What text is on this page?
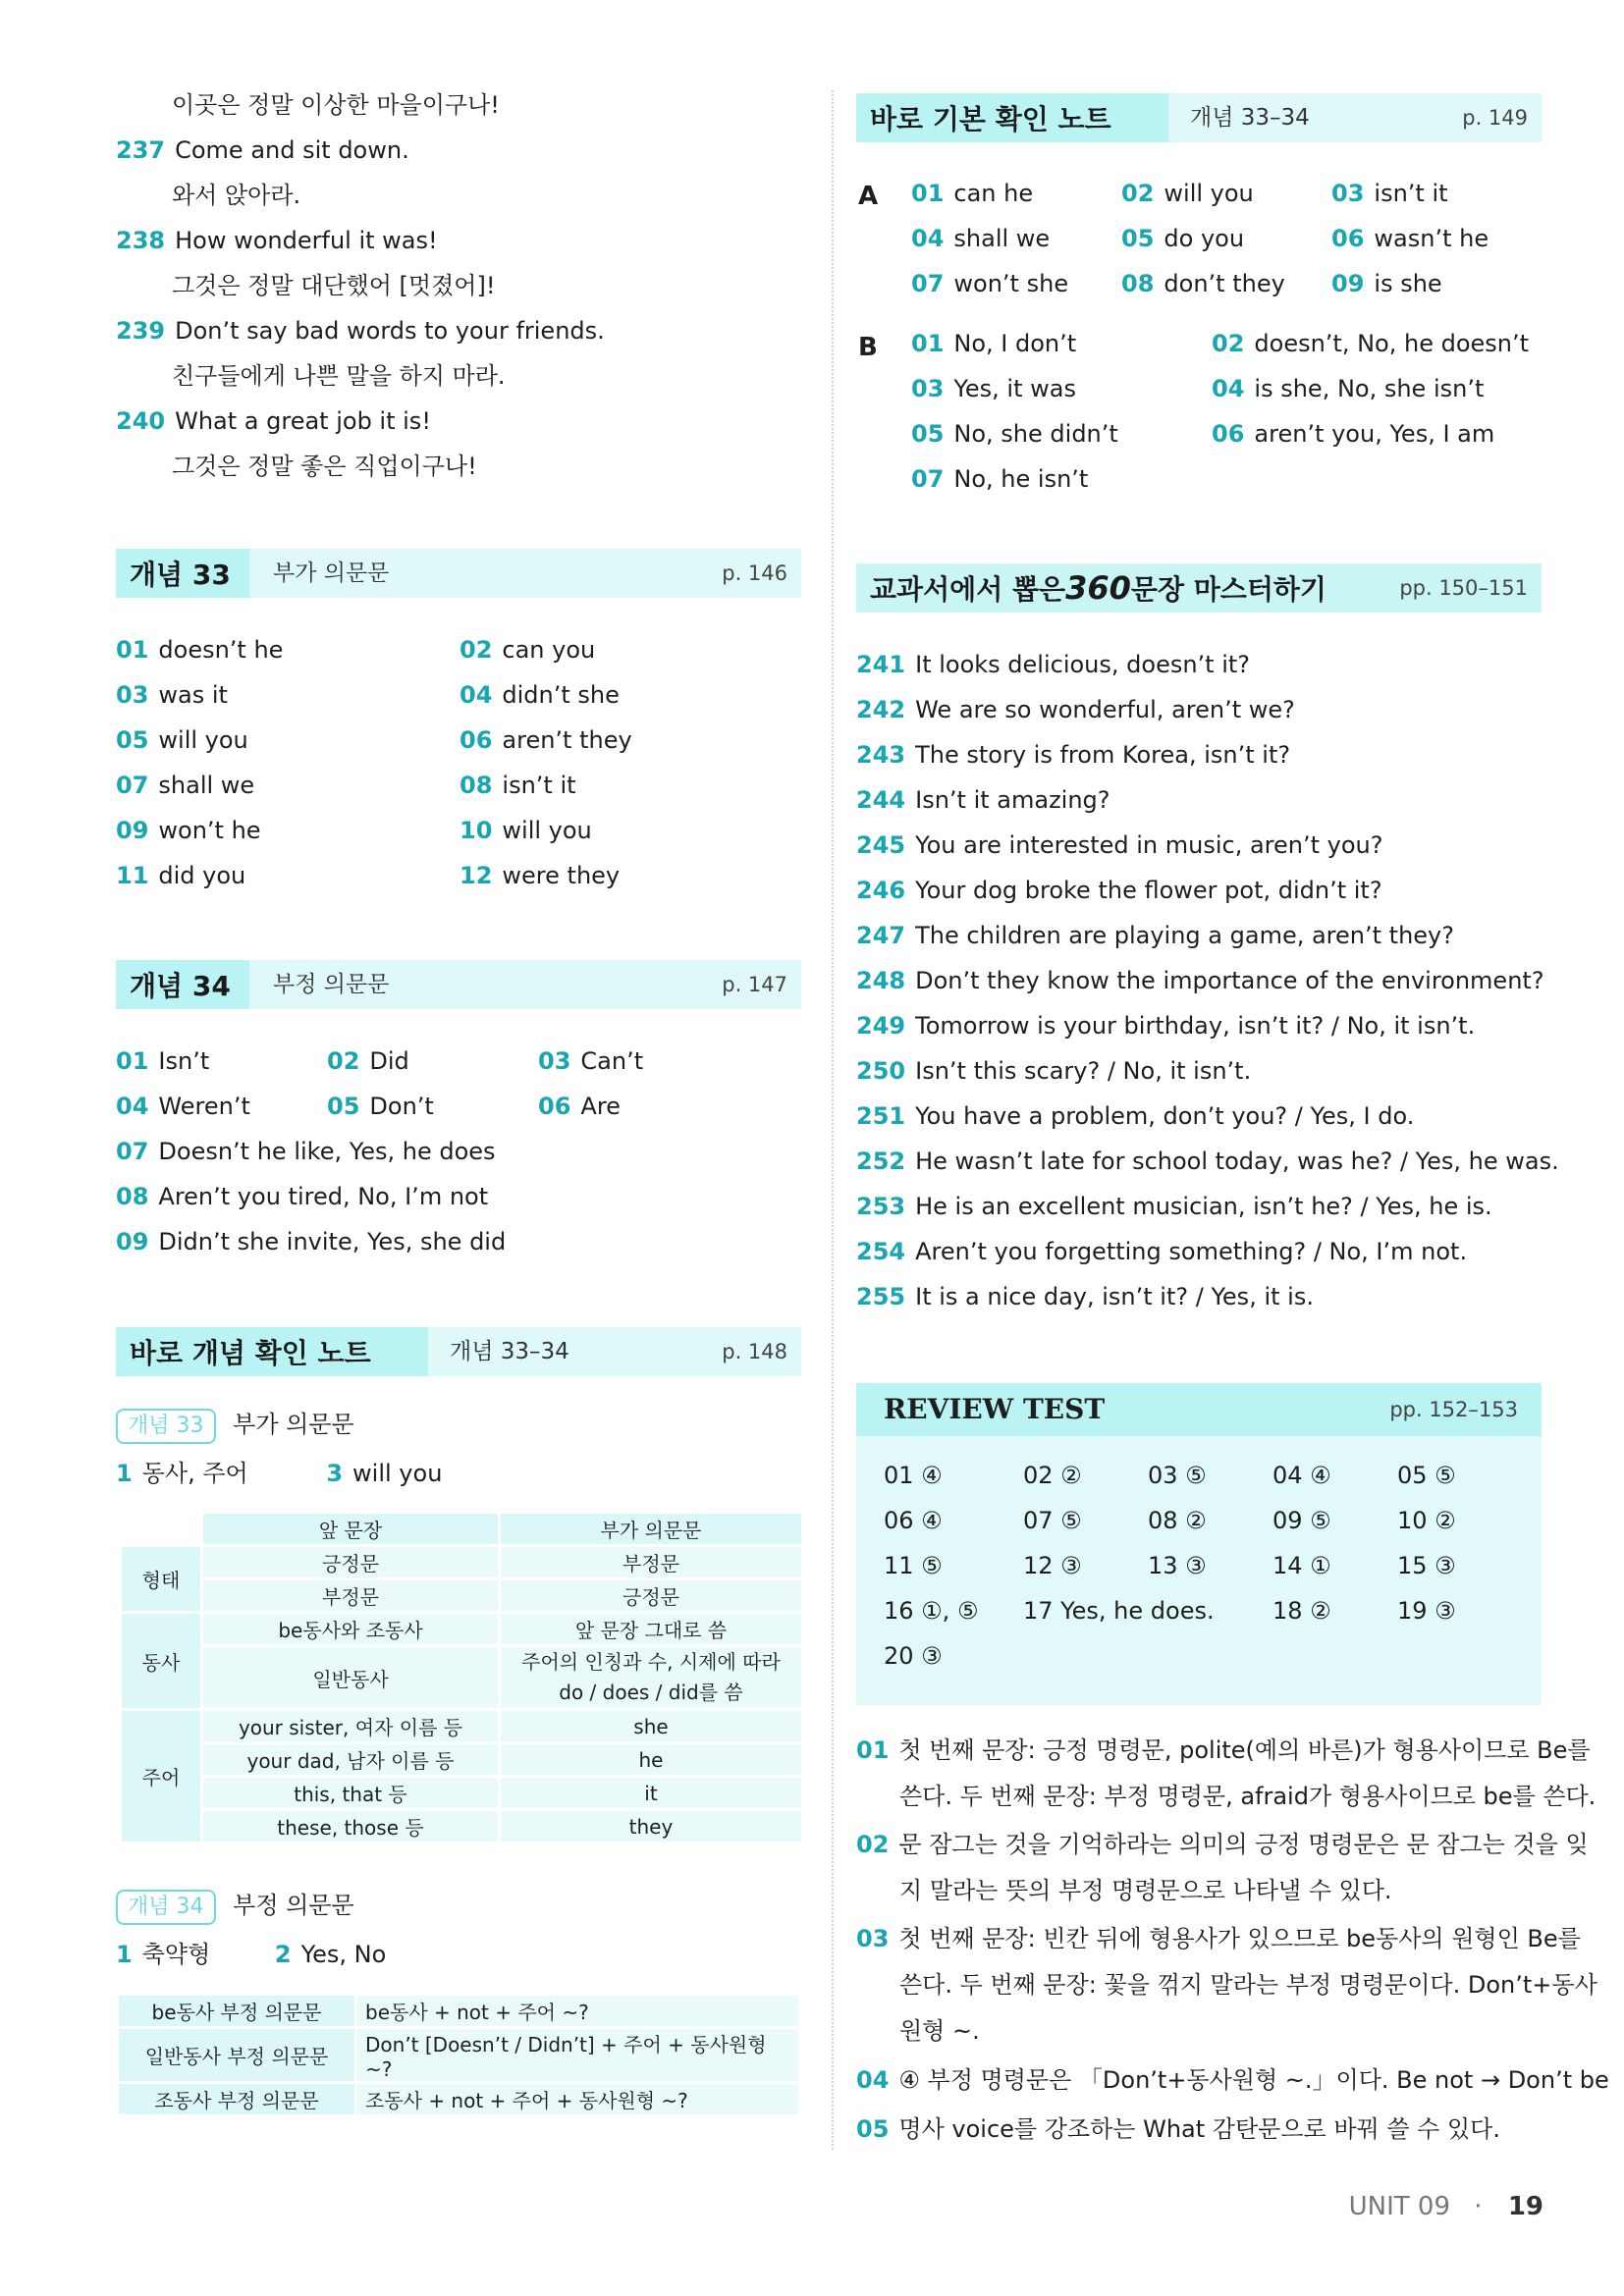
이곳은 정말 이상한 마을이구나!
237 Come and sit down.
와서 앉아라.
238 How wonderful it was!
그것은 정말 대단했어 [멋졌어]!
239 Don’t say bad words to your friends.
친구들에게 나쁜 말을 하지 마라.
240 What a great job it is!
그것은 정말 좋은 직업이구나!
개념 33	부가 의문문	p. 146
01 doesn’t he	02 can you
03 was it	04 didn’t she
05 will you	06 aren’t they
07 shall we	08 isn’t it
09 won’t he	10 will you
11 did you	12 were they
개념 34	부정 의문문	p. 147
01 Isn’t	02 Did	03 Can’t
04 Weren’t	05 Don’t	06 Are
07 Doesn’t he like, Yes, he does
08 Aren’t you tired, No, I’m not
09 Didn’t she invite, Yes, she did
바로 개념 확인 노트	개념 33–34	p. 148
개념 33 부가 의문문
1 동사, 주어	3 will you
	앞 문장	부가 의문문
형태	긍정문	부정문
	부정문	긍정문
동사	be동사와 조동사	앞 문장 그대로 씀
	일반동사	주어의 인칭과 수, 시제에 따라
do / does / did를 씀

주어	your sister, 여자 이름 등	she
	your dad, 남자 이름 등	he
	this, that 등	it
	these, those 등	they
개념 34 부정 의문문
1 축약형	2 Yes, No
be동사 부정 의문문	be동사 + not + 주어 ~?
일반동사 부정 의문문	Don’t [Doesn’t / Didn’t] + 주어 + 동사원형 ~?
조동사 부정 의문문	조동사 + not + 주어 + 동사원형 ~?
바로 기본 확인 노트	개념 33–34	p. 149
A 01 can he	02 will you	03 isn’t it
04 shall we	05 do you	06 wasn’t he
07 won’t she 08 don’t they 09 is she
B 01 No, I don’t	02 doesn’t, No, he doesn’t
03 Yes, it was	04 is she, No, she isn’t
05 No, she didn’t	06 aren’t you, Yes, I am
07 No, he isn’t
교과서에서 뽑은 360 문장 마스터하기	pp. 150–151
241 It looks delicious, doesn’t it?
242 We are so wonderful, aren’t we?
243 The story is from Korea, isn’t it?
244 Isn’t it amazing?
245 You are interested in music, aren’t you?
246 Your dog broke the flower pot, didn’t it?
247 The children are playing a game, aren’t they?
248 Don’t they know the importance of the environment?
249 Tomorrow is your birthday, isn’t it? / No, it isn’t.
250 Isn’t this scary? / No, it isn’t.
251 You have a problem, don’t you? / Yes, I do.
252 He wasn’t late for school today, was he? / Yes, he was.
253 He is an excellent musician, isn’t he? / Yes, he is.
254 Aren’t you forgetting something? / No, I’m not.
255 It is a nice day, isn’t it? / Yes, it is.
REVIEW TEST	pp. 152–153
01 ④	02 ②	03 ⑤	04 ④	05 ⑤
06 ④	07 ⑤	08 ②	09 ⑤	10 ②
11 ⑤	12 ③	13 ③	14 ①	15 ③
16 ①, ⑤ 17 Yes, he does. 18 ②	19 ③
20 ③
01 첫 번째 문장: 긍정 명령문, polite(예의 바른)가 형용사이므로 Be를
쓴다. 두 번째 문장: 부정 명령문, afraid가 형용사이므로 be를 쓴다.
02 문 잠그는 것을 기억하라는 의미의 긍정 명령문은 문 잠그는 것을 잊
지 말라는 뜻의 부정 명령문으로 나타낼 수 있다.
03 첫 번째 문장: 빈칸 뒤에 형용사가 있으므로 be동사의 원형인 Be를
쓴다. 두 번째 문장: 꽃을 꺾지 말라는 부정 명령문이다. Don’t+동사
원형 ~.
04 ④ 부정 명령문은 「Don’t+동사원형 ~.」이다. Be not → Don’t be
05 명사 voice를 강조하는 What 감탄문으로 바꿔 쓸 수 있다.
UNIT 09 · 19
